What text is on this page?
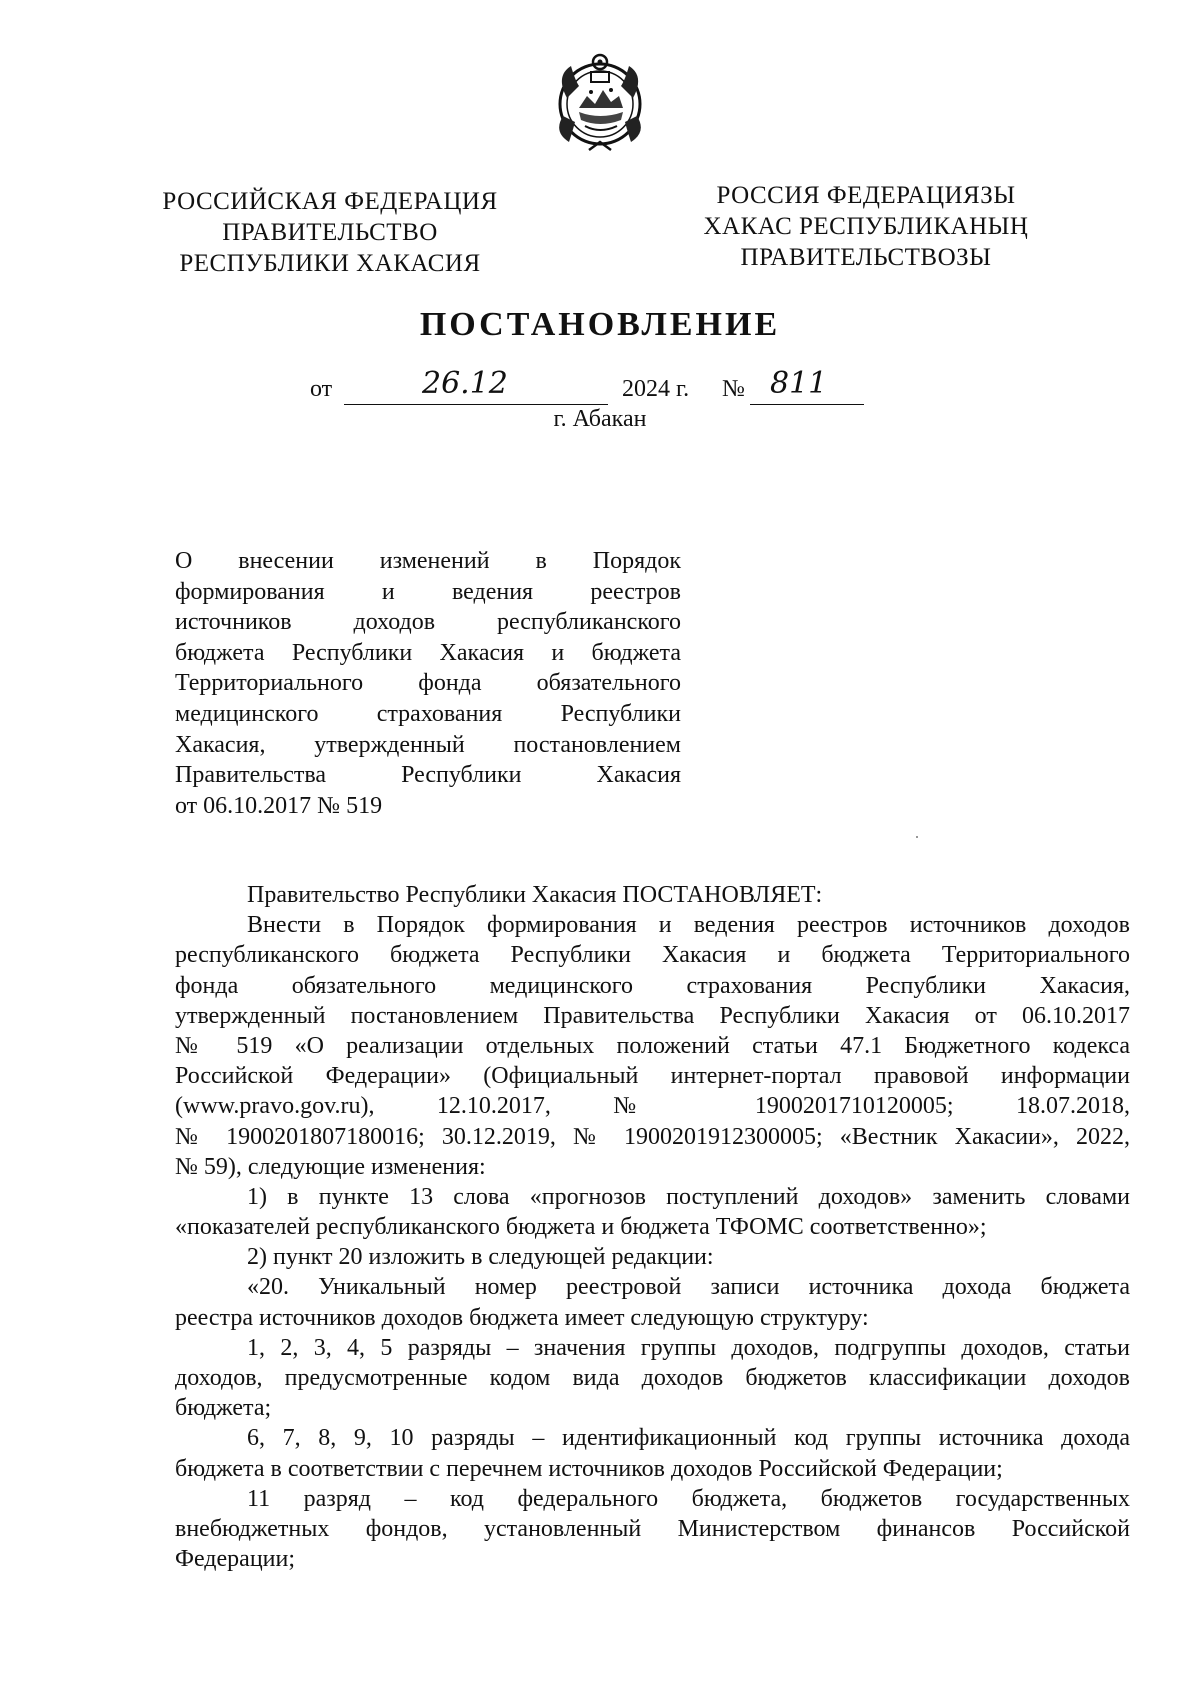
РОССИЙСКАЯ ФЕДЕРАЦИЯ
ПРАВИТЕЛЬСТВО
РЕСПУБЛИКИ ХАКАСИЯ
РОССИЯ ФЕДЕРАЦИЯЗЫ
ХАКАС РЕСПУБЛИКАНЫҢ
ПРАВИТЕЛЬСТВОЗЫ
ПОСТАНОВЛЕНИЕ
от	26.12	2024 г. № 811
г. Абакан
О внесении изменений в Порядок
формирования и ведения реестров
источников доходов республиканского
бюджета Республики Хакасия и бюджета
Территориального фонда обязательного
медицинского страхования Республики
Хакасия, утвержденный постановлением
Правительства Республики Хакасия
от 06.10.2017 № 519
Правительство Республики Хакасия ПОСТАНОВЛЯЕТ:
Внести в Порядок формирования и ведения реестров источников доходов
республиканского бюджета Республики Хакасия и бюджета Территориального
фонда обязательного медицинского страхования Республики Хакасия,
утвержденный постановлением Правительства Республики Хакасия от 06.10.2017
№ 519 «О реализации отдельных положений статьи 47.1 Бюджетного кодекса
Российской Федерации» (Официальный интернет-портал правовой информации
(www.pravo.gov.ru), 12.10.2017, № 1900201710120005; 18.07.2018,
№ 1900201807180016; 30.12.2019, № 1900201912300005; «Вестник Хакасии», 2022,
№ 59), следующие изменения:
1) в пункте 13 слова «прогнозов поступлений доходов» заменить словами
«показателей республиканского бюджета и бюджета ТФОМС соответственно»;
2) пункт 20 изложить в следующей редакции:
«20. Уникальный номер реестровой записи источника дохода бюджета
реестра источников доходов бюджета имеет следующую структуру:
1, 2, 3, 4, 5 разряды – значения группы доходов, подгруппы доходов, статьи
доходов, предусмотренные кодом вида доходов бюджетов классификации доходов
бюджета;
6, 7, 8, 9, 10 разряды – идентификационный код группы источника дохода
бюджета в соответствии с перечнем источников доходов Российской Федерации;
11 разряд – код федерального бюджета, бюджетов государственных
внебюджетных фондов, установленный Министерством финансов Российской
Федерации;
